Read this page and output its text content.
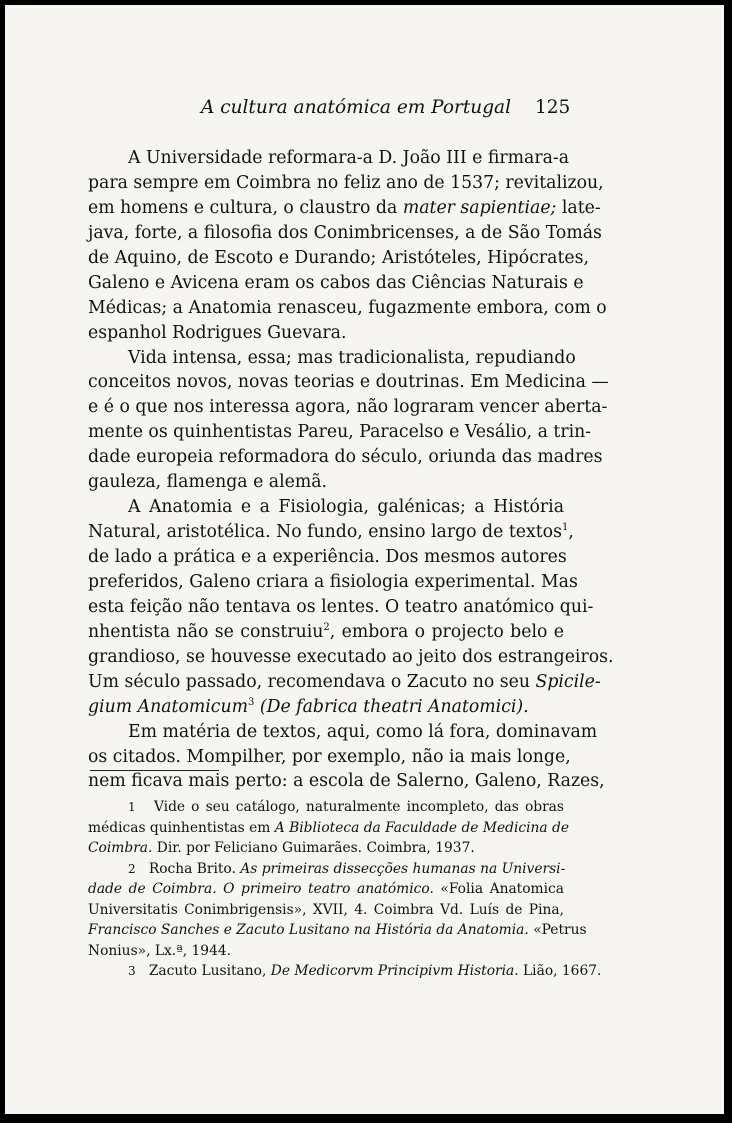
A cultura anatómica em Portugal 125
A Universidade reformara-a D. João III e firmara-a
para sempre em Coimbra no feliz ano de 1537; revitalizou,
em homens e cultura, o claustro da mater sapientiae; late-
java, forte, a filosofia dos Conimbricenses, a de São Tomás
de Aquino, de Escoto e Durando; Aristóteles, Hipócrates,
Galeno e Avicena eram os cabos das Ciências Naturais e
Médicas; a Anatomia renasceu, fugazmente embora, com o
espanhol Rodrigues Guevara.
Vida intensa, essa; mas tradicionalista, repudiando
conceitos novos, novas teorias e doutrinas. Em Medicina —
e é o que nos interessa agora, não lograram vencer aberta-
mente os quinhentistas Pareu, Paracelso e Vesálio, a trin-
dade europeia reformadora do século, oriunda das madres
gauleza, flamenga e alemã.
A Anatomia e a Fisiologia, galénicas; a História
Natural, aristotélica. No fundo, ensino largo de textos$^1$,
de lado a prática e a experiência. Dos mesmos autores
preferidos, Galeno criara a fisiologia experimental. Mas
esta feição não tentava os lentes. O teatro anatómico qui-
nhentista não se construiu$^2$, embora o projecto belo e
grandioso, se houvesse executado ao jeito dos estrangeiros.
Um século passado, recomendava o Zacuto no seu Spicile-
gium Anatomicum$^3$ (De fabrica theatri Anatomici).
Em matéria de textos, aqui, como lá fora, dominavam
os citados. Mompilher, por exemplo, não ia mais longe,
nem ficava mais perto: a escola de Salerno, Galeno, Razes,
1 Vide o seu catálogo, naturalmente incompleto, das obras
médicas quinhentistas em A Biblioteca da Faculdade de Medicina de
Coimbra. Dir. por Feliciano Guimarães. Coimbra, 1937.
2 Rocha Brito. As primeiras dissecções humanas na Universi-
dade de Coimbra. O primeiro teatro anatómico. «Folia Anatomica
Universitatis Conimbrigensis», XVII, 4. Coimbra Vd. Luís de Pina,
Francisco Sanches e Zacuto Lusitano na História da Anatomia. «Petrus
Nonius», Lx.ª, 1944.
3 Zacuto Lusitano, De Medicorvm Principivm Historia. Lião, 1667.
